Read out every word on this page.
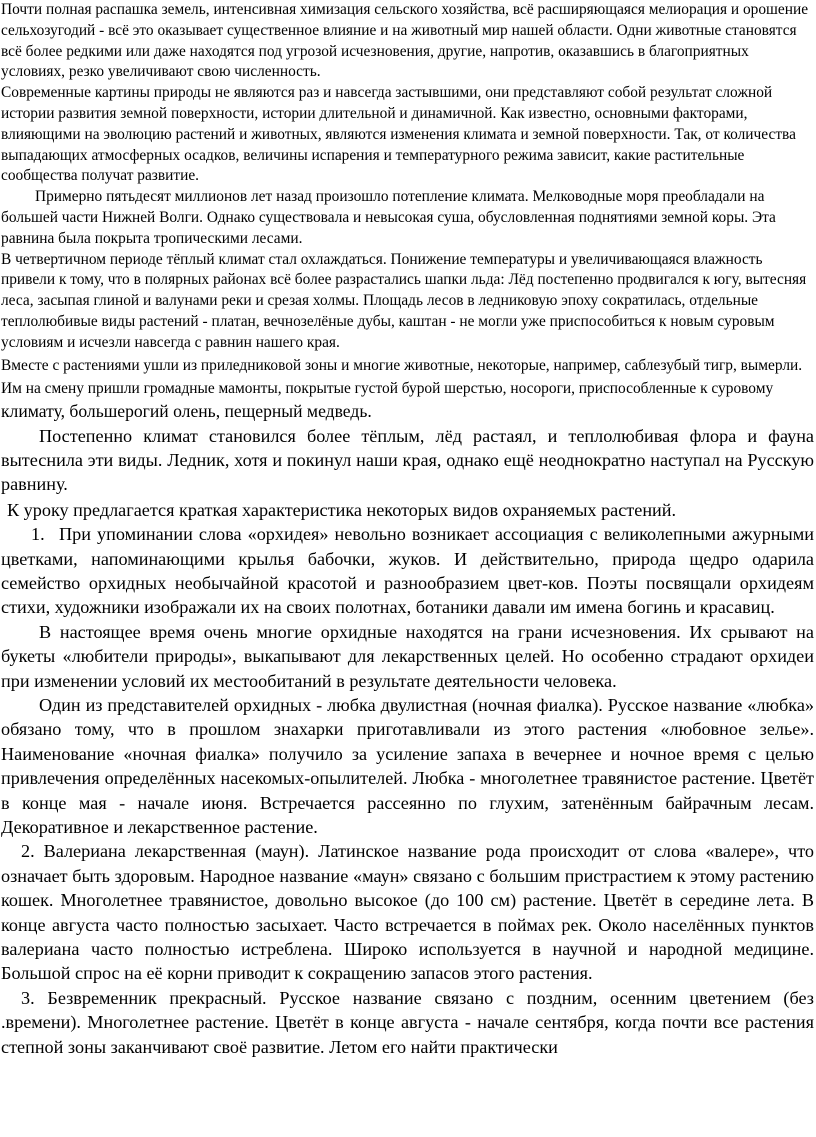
Почти полная распашка земель, интенсивная химизация сельского хозяйства, всё расширяющаяся мелиорация и орошение сельхозугодий - всё это оказывает существенное влияние и на животный мир нашей области. Одни животные становятся всё более редкими или даже находятся под угрозой исчезновения, другие, напротив, оказавшись в благоприятных условиях, резко увеличивают свою численность.

Современные картины природы не являются раз и навсегда застывшими, они представляют собой результат сложной истории развития земной поверхности, истории длительной и динамичной. Как известно, основными факторами, влияющими на эволюцию растений и животных, являются изменения климата и земной поверхности. Так, от количества выпадающих атмосферных осадков, величины испарения и температурного режима зависит, какие растительные сообщества получат развитие.

Примерно пятьдесят миллионов лет назад произошло потепление климата. Мелководные моря преобладали на большей части Нижней Волги. Однако существовала и невысокая суша, обусловленная поднятиями земной коры. Эта равнина была покрыта тропическими лесами.

В четвертичном периоде тёплый климат стал охлаждаться. Понижение температуры и увеличивающаяся влажность привели к тому, что в полярных районах всё более разрастались шапки льда: Лёд постепенно продвигался к югу, вытесняя леса, засыпая глиной и валунами реки и срезая холмы. Площадь лесов в ледниковую эпоху сократилась, отдельные теплолюбивые виды растений - платан, вечнозелёные дубы, каштан - не могли уже приспособиться к новым суровым условиям и исчезли навсегда с равнин нашего края.

Вместе с растениями ушли из приледниковой зоны и многие животные, некоторые, например, саблезубый тигр, вымерли. Им на смену пришли громадные мамонты, покрытые густой бурой шерстью, носороги, приспособленные к суровому климату, большерогий олень, пещерный медведь.

Постепенно климат становился более тёплым, лёд растаял, и теплолюбивая флора и фауна вытеснила эти виды. Ледник, хотя и покинул наши края, однако ещё неоднократно наступал на Русскую равнину.

К уроку предлагается краткая характеристика некоторых видов охраняемых растений.

1. При упоминании слова «орхидея» невольно возникает ассоциация с великолепными ажурными цветками, напоминающими крылья бабочки, жуков. И действительно, природа щедро одарила семейство орхидных необычайной красотой и разнообразием цвет-ков. Поэты посвящали орхидеям стихи, художники изображали их на своих полотнах, ботаники давали им имена богинь и красавиц.

В настоящее время очень многие орхидные находятся на грани исчезновения. Их срывают на букеты «любители природы», выкапывают для лекарственных целей. Но особенно страдают орхидеи при изменении условий их местообитаний в результате деятельности человека.

Один из представителей орхидных - любка двулистная (ночная фиалка). Русское название «любка» обязано тому, что в прошлом знахарки приготавливали из этого растения «любовное зелье». Наименование «ночная фиалка» получило за усиление запаха в вечернее и ночное время с целью привлечения определённых насекомых-опылителей. Любка - многолетнее травянистое растение. Цветёт в конце мая - начале июня. Встречается рассеянно по глухим, затенённым байрачным лесам. Декоративное и лекарственное растение.

2. Валериана лекарственная (маун). Латинское название рода происходит от слова «валере», что означает быть здоровым. Народное название «маун» связано с большим пристрастием к этому растению кошек. Многолетнее травянистое, довольно высокое (до 100 см) растение. Цветёт в середине лета. В конце августа часто полностью засыхает. Часто встречается в поймах рек. Около населённых пунктов валериана часто полностью истреблена. Широко используется в научной и народной медицине. Большой спрос на её корни приводит к сокращению запасов этого растения.

3. Безвременник прекрасный. Русское название связано с поздним, осенним цветением (без .времени). Многолетнее растение. Цветёт в конце августа - начале сентября, когда почти все растения степной зоны заканчивают своё развитие. Летом его найти практически
